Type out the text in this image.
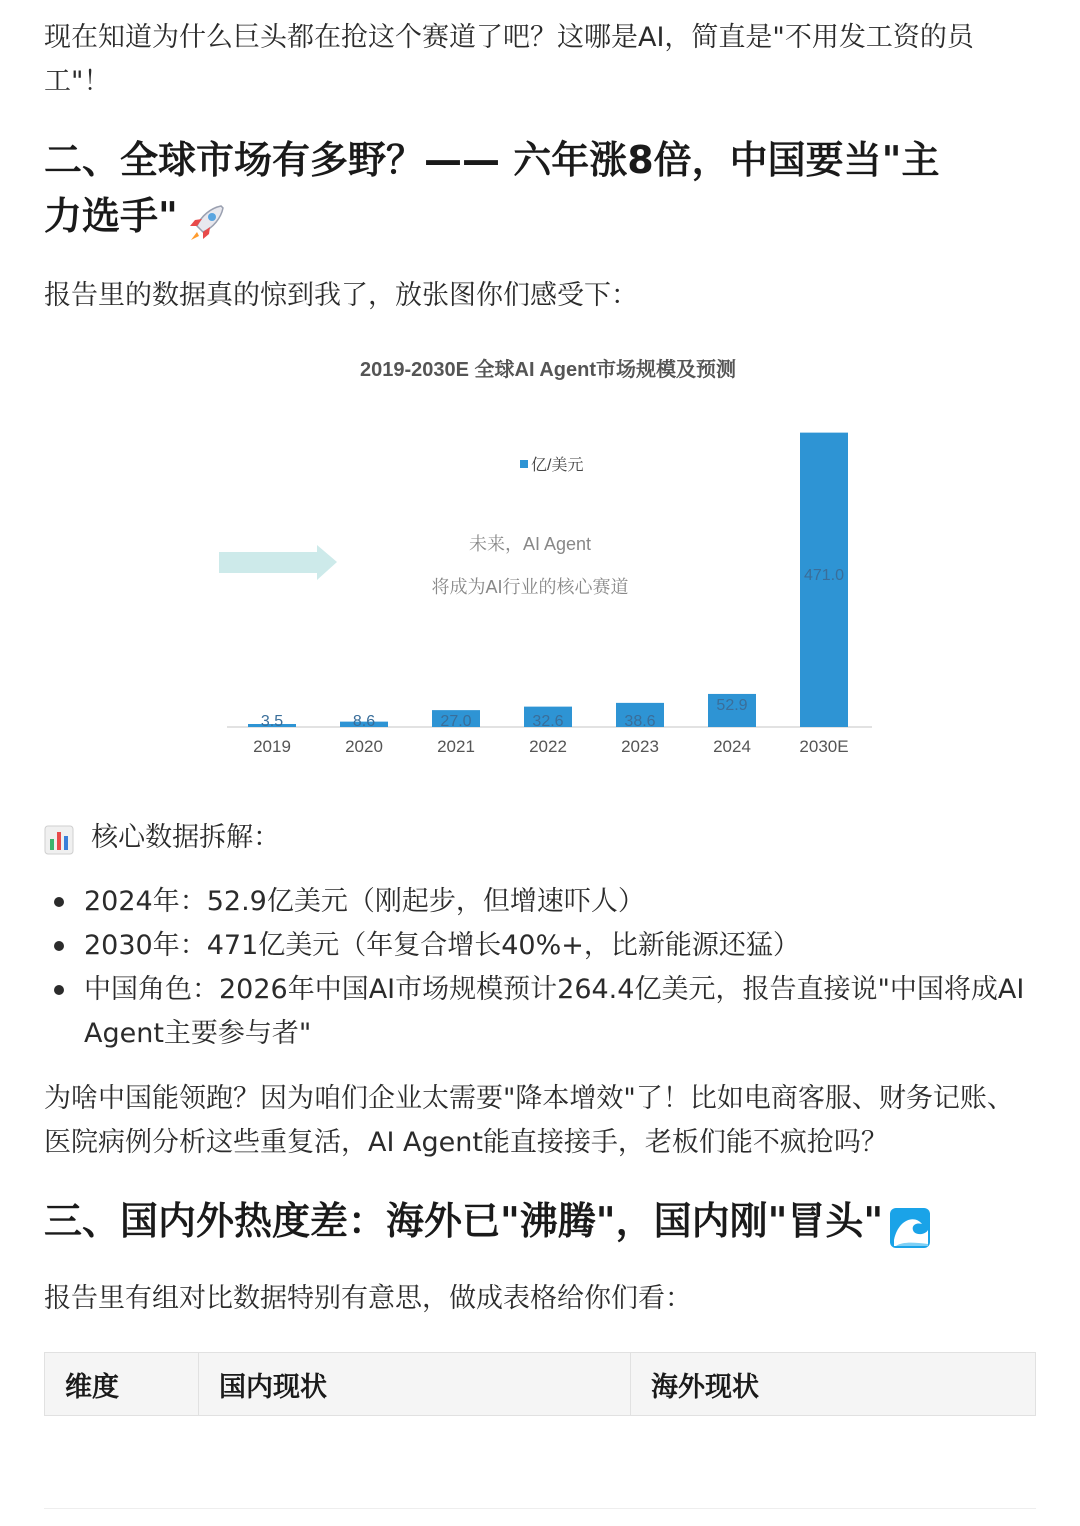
现在知道为什么巨头都在抢这个赛道了吧？这哪是AI，简直是"不用发工资的员

工"！

二、全球市场有多野？—— 六年涨8倍，中国要当"主
力选手"

报告里的数据真的惊到我了，放张图你们感受下：

2019-2030E 全球AI Agent市场规模及预测
亿/美元
未来，AI Agent
将成为AI行业的核心赛道
3.5
2019
8.6
2020
27.0
2021
32.6
2022
38.6
2023
52.9
2024
471.0
2030E
核心数据拆解：
2024年：52.9亿美元（刚起步，但增速吓人）
2030年：471亿美元（年复合增长40%+，比新能源还猛）
中国角色：2026年中国AI市场规模预计264.4亿美元，报告直接说"中国将成AI

Agent主要参与者"

为啥中国能领跑？因为咱们企业太需要"降本增效"了！比如电商客服、财务记账、

医院病例分析这些重复活，AI Agent能直接接手，老板们能不疯抢吗？

三、国内外热度差：海外已"沸腾"，国内刚"冒头"

报告里有组对比数据特别有意思，做成表格给你们看：

维度	国内现状	海外现状
